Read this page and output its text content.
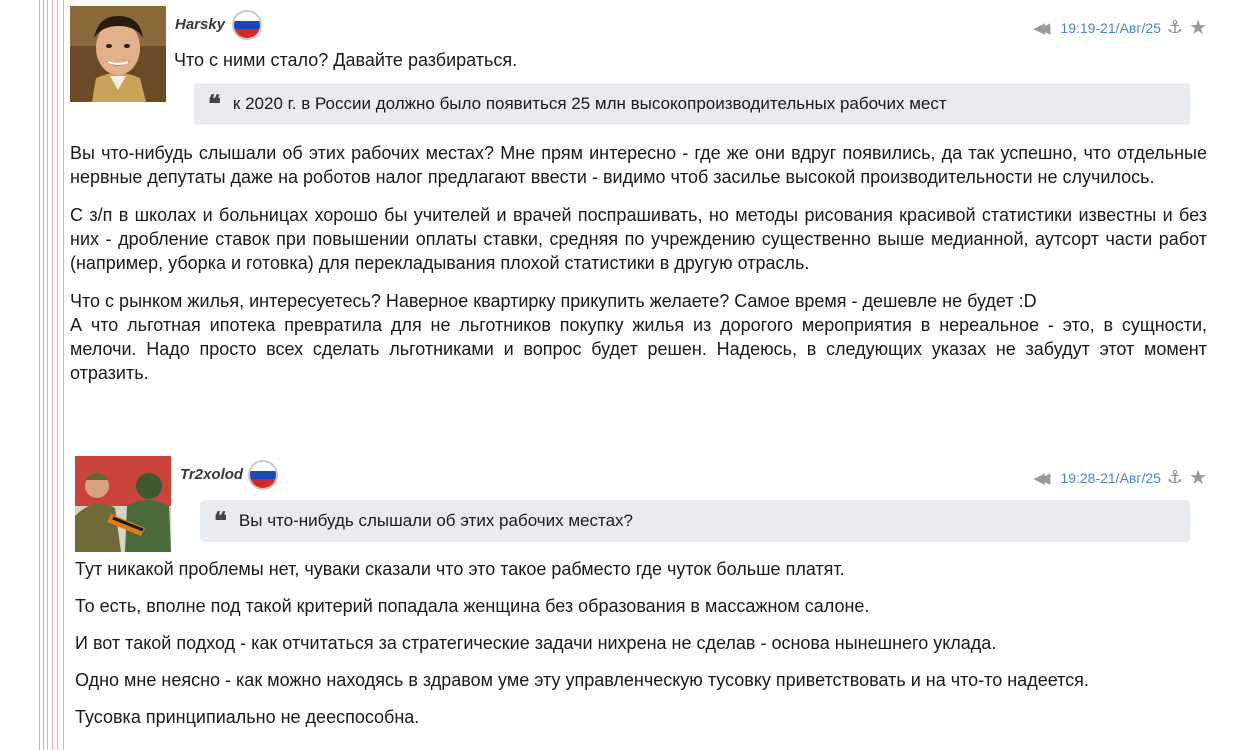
Harsky	◀◀ 19:19-21/Авг/25 ⚓ ★
Что с ними стало? Давайте разбираться.
❝ к 2020 г. в России должно было появиться 25 млн высокопроизводительных рабочих мест

Вы что-нибудь слышали об этих рабочих местах? Мне прям интересно - где же они вдруг появились, да так успешно, что отдельные нервные депутаты даже на роботов налог предлагают ввести - видимо чтоб засилье высокой производительности не случилось.

С з/п в школах и больницах хорошо бы учителей и врачей поспрашивать, но методы рисования красивой статистики известны и без них - дробление ставок при повышении оплаты ставки, средняя по учреждению существенно выше медианной, аутсорт части работ (например, уборка и готовка) для перекладывания плохой статистики в другую отрасль.

Что с рынком жилья, интересуетесь? Наверное квартирку прикупить желаете? Самое время - дешевле не будет :D

А что льготная ипотека превратила для не льготников покупку жилья из дорогого мероприятия в нереальное - это, в сущности, мелочи. Надо просто всех сделать льготниками и вопрос будет решен. Надеюсь, в следующих указах не забудут этот момент отразить.

Tr2xolod	◀◀ 19:28-21/Авг/25 ⚓ ★
❝ Вы что-нибудь слышали об этих рабочих местах?

Тут никакой проблемы нет, чуваки сказали что это такое рабместо где чуток больше платят.

То есть, вполне под такой критерий попадала женщина без образования в массажном салоне.

И вот такой подход - как отчитаться за стратегические задачи нихрена не сделав - основа нынешнего уклада.

Одно мне неясно - как можно находясь в здравом уме эту управленческую тусовку приветствовать и на что-то надеется.

Тусовка принципиально не дееспособна.
